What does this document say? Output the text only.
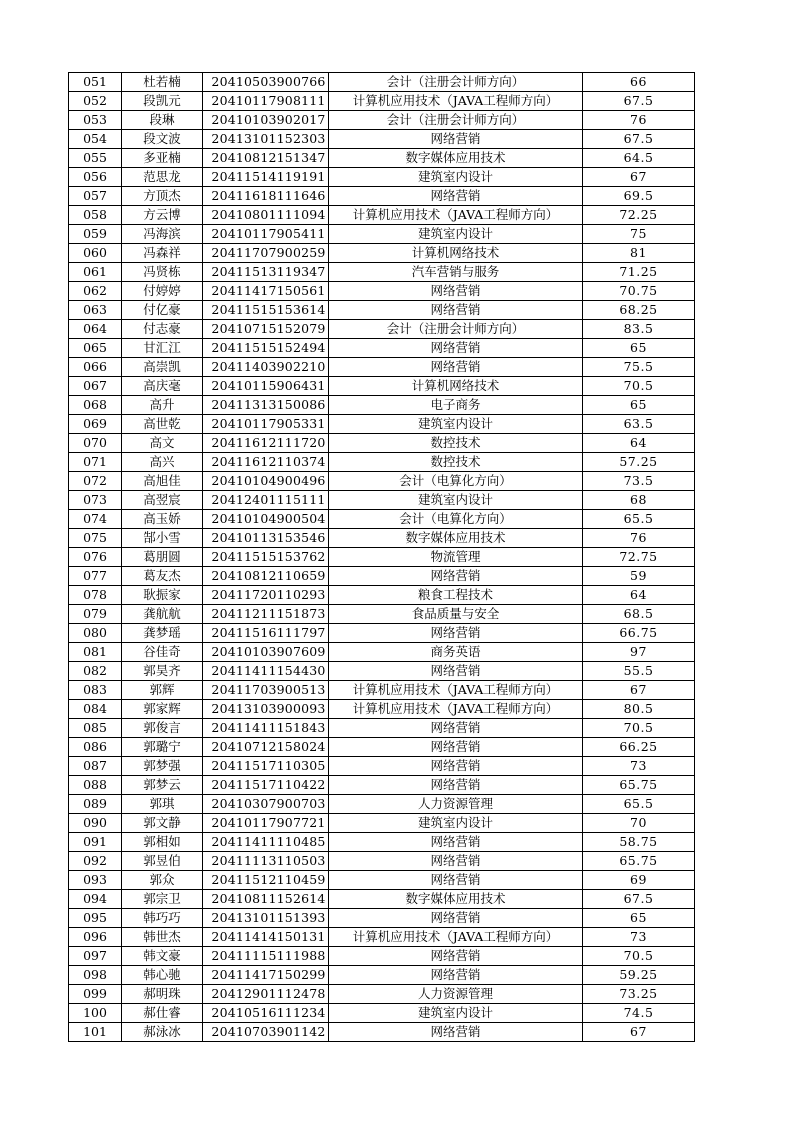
051	杜若楠	20410503900766	会计（注册会计师方向）	66
052	段凯元	20410117908111	计算机应用技术（JAVA工程师方向）	67.5
053	段琳	20410103902017	会计（注册会计师方向）	76
054	段文波	20413101152303	网络营销	67.5
055	多亚楠	20410812151347	数字媒体应用技术	64.5
056	范思龙	20411514119191	建筑室内设计	67
057	方顶杰	20411618111646	网络营销	69.5
058	方云博	20410801111094	计算机应用技术（JAVA工程师方向）	72.25
059	冯海滨	20410117905411	建筑室内设计	75
060	冯森祥	20411707900259	计算机网络技术	81
061	冯贤栋	20411513119347	汽车营销与服务	71.25
062	付婷婷	20411417150561	网络营销	70.75
063	付亿豪	20411515153614	网络营销	68.25
064	付志豪	20410715152079	会计（注册会计师方向）	83.5
065	甘汇江	20411515152494	网络营销	65
066	高崇凯	20411403902210	网络营销	75.5
067	高庆毫	20410115906431	计算机网络技术	70.5
068	高升	20411313150086	电子商务	65
069	高世乾	20410117905331	建筑室内设计	63.5
070	高文	20411612111720	数控技术	64
071	高兴	20411612110374	数控技术	57.25
072	高旭佳	20410104900496	会计（电算化方向）	73.5
073	高翌宸	20412401115111	建筑室内设计	68
074	高玉娇	20410104900504	会计（电算化方向）	65.5
075	郜小雪	20410113153546	数字媒体应用技术	76
076	葛朋圆	20411515153762	物流管理	72.75
077	葛友杰	20410812110659	网络营销	59
078	耿振家	20411720110293	粮食工程技术	64
079	龚航航	20411211151873	食品质量与安全	68.5
080	龚梦瑶	20411516111797	网络营销	66.75
081	谷佳奇	20410103907609	商务英语	97
082	郭昊齐	20411411154430	网络营销	55.5
083	郭辉	20411703900513	计算机应用技术（JAVA工程师方向）	67
084	郭家辉	20413103900093	计算机应用技术（JAVA工程师方向）	80.5
085	郭俊言	20411411151843	网络营销	70.5
086	郭璐宁	20410712158024	网络营销	66.25
087	郭梦强	20411517110305	网络营销	73
088	郭梦云	20411517110422	网络营销	65.75
089	郭琪	20410307900703	人力资源管理	65.5
090	郭文静	20410117907721	建筑室内设计	70
091	郭相如	20411411110485	网络营销	58.75
092	郭昱伯	20411113110503	网络营销	65.75
093	郭众	20411512110459	网络营销	69
094	郭宗卫	20410811152614	数字媒体应用技术	67.5
095	韩巧巧	20413101151393	网络营销	65
096	韩世杰	20411414150131	计算机应用技术（JAVA工程师方向）	73
097	韩文豪	20411115111988	网络营销	70.5
098	韩心驰	20411417150299	网络营销	59.25
099	郝明珠	20412901112478	人力资源管理	73.25
100	郝仕睿	20410516111234	建筑室内设计	74.5
101	郝泳冰	20410703901142	网络营销	67
